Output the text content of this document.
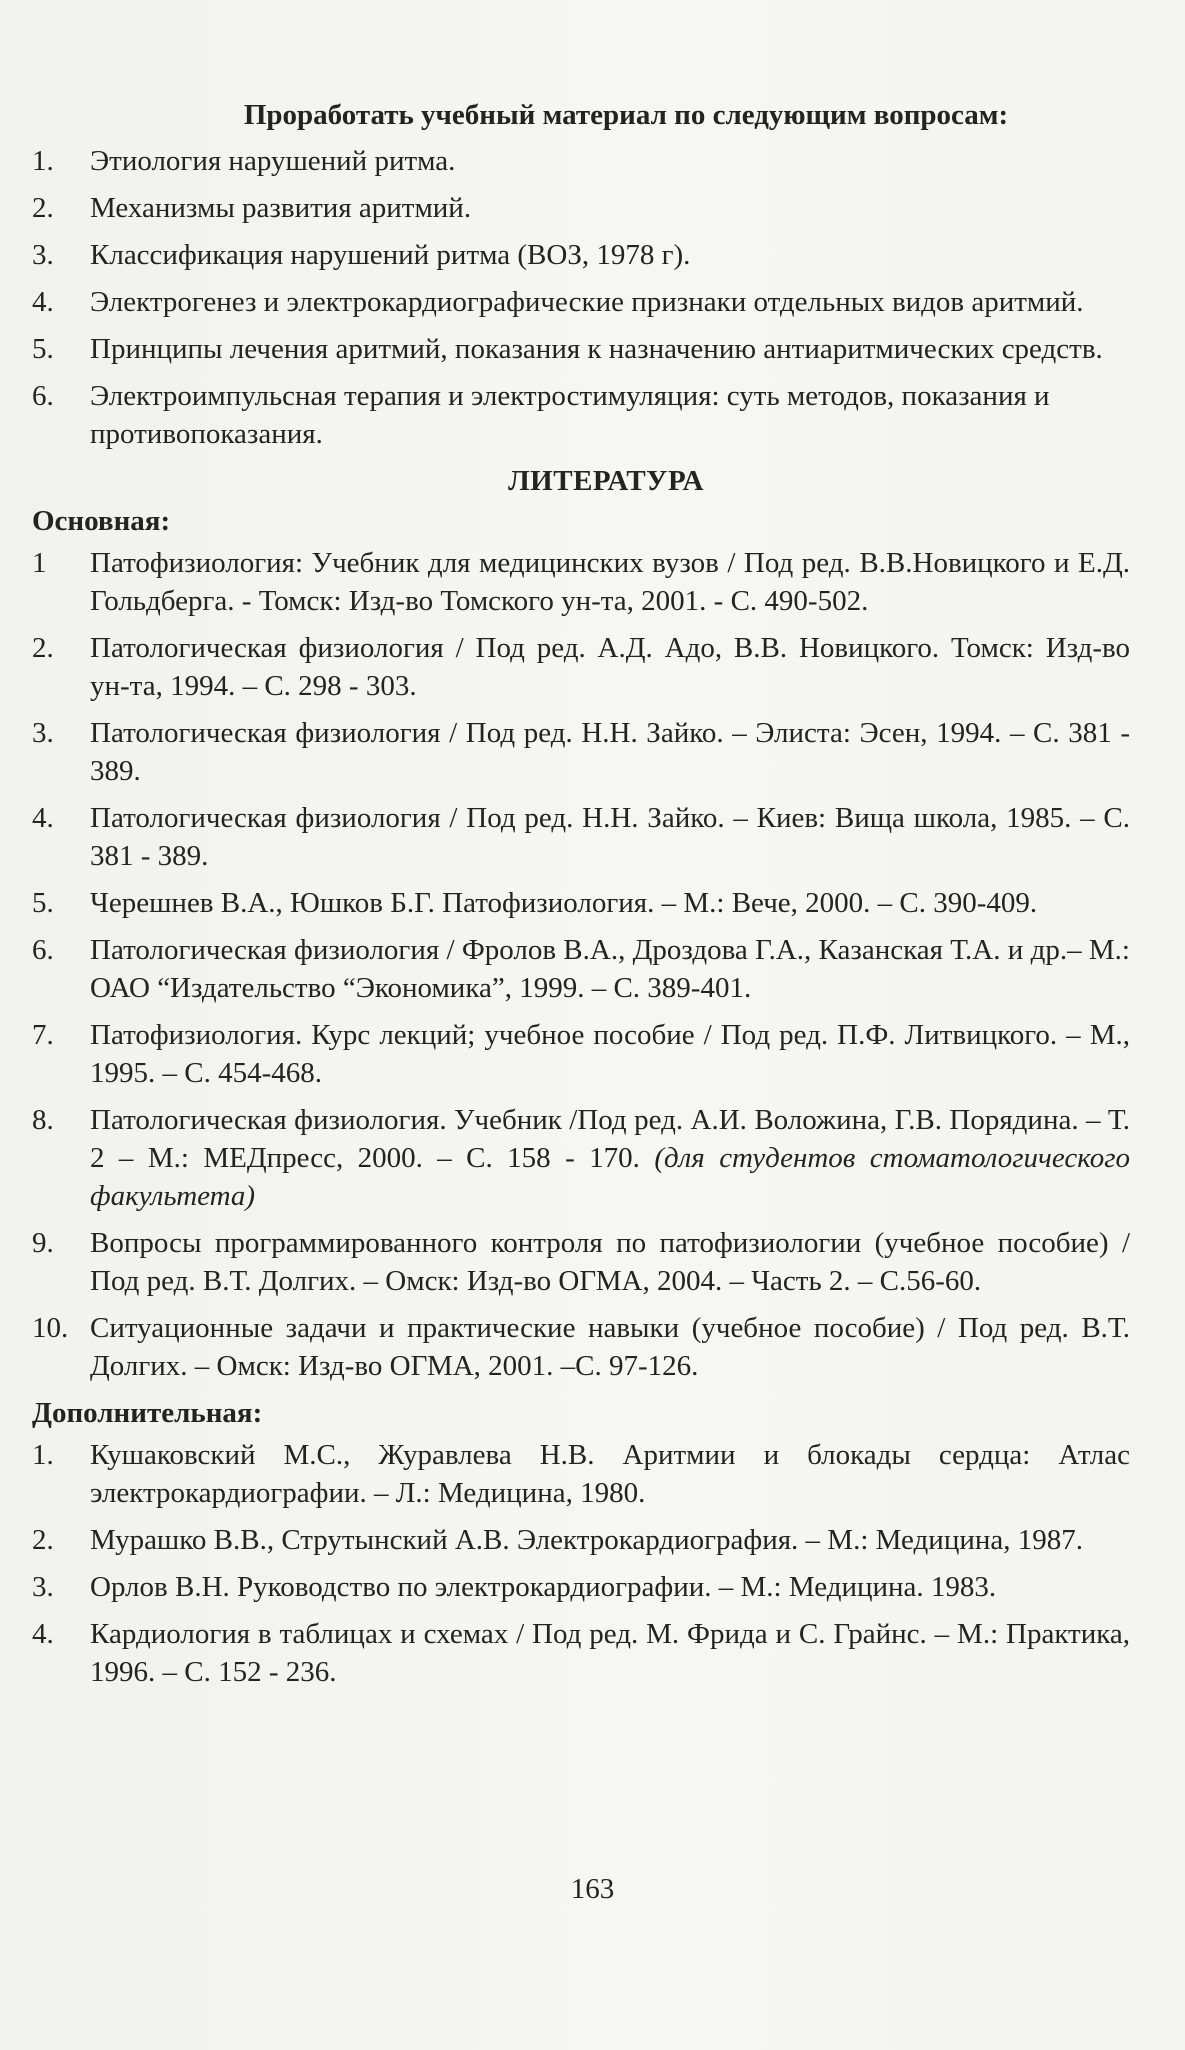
Проработать учебный материал по следующим вопросам:
1.	Этиология нарушений ритма.
2.	Механизмы развития аритмий.
3.	Классификация нарушений ритма (ВОЗ, 1978 г).
4.	Электрогенез и электрокардиографические признаки отдельных видов аритмий.
5.	Принципы лечения аритмий, показания к назначению антиаритмических средств.
6.	Электроимпульсная терапия и электростимуляция: суть методов, показания и противопоказания.
ЛИТЕРАТУРА
Основная:
1	Патофизиология: Учебник для медицинских вузов / Под ред. В.В.Новицкого и Е.Д. Гольдберга. - Томск: Изд-во Томского ун-та, 2001. - С. 490-502.
2.	Патологическая физиология / Под ред. А.Д. Адо, В.В. Новицкого. Томск: Изд-во ун-та, 1994. – С. 298 - 303.
3.	Патологическая физиология / Под ред. Н.Н. Зайко. – Элиста: Эсен, 1994. – С. 381 - 389.
4.	Патологическая физиология / Под ред. Н.Н. Зайко. – Киев: Вища школа, 1985. – С. 381 - 389.
5.	Черешнев В.А., Юшков Б.Г. Патофизиология. – М.: Вече, 2000. – С. 390-409.
6.	Патологическая физиология / Фролов В.А., Дроздова Г.А., Казанская Т.А. и др.– М.: ОАО “Издательство “Экономика”, 1999. – С. 389-401.
7.	Патофизиология. Курс лекций; учебное пособие / Под ред. П.Ф. Литвицкого. – М., 1995. – С. 454-468.
8.	Патологическая физиология. Учебник /Под ред. А.И. Воложина, Г.В. Порядина. – Т. 2 – М.: МЕДпресс, 2000. – С. 158 - 170. (для студентов стоматологического факультета)
9.	Вопросы программированного контроля по патофизиологии (учебное пособие) / Под ред. В.Т. Долгих. – Омск: Изд-во ОГМА, 2004. – Часть 2. – С.56-60.
10. Ситуационные задачи и практические навыки (учебное пособие) / Под ред. В.Т. Долгих. – Омск: Изд-во ОГМА, 2001. –С. 97-126.
Дополнительная:
1.	Кушаковский М.С., Журавлева Н.В. Аритмии и блокады сердца: Атлас электрокардиографии. – Л.: Медицина, 1980.
2.	Мурашко В.В., Струтынский А.В. Электрокардиография. – М.: Медицина, 1987.
3.	Орлов В.Н. Руководство по электрокардиографии. – М.: Медицина. 1983.
4.	Кардиология в таблицах и схемах / Под ред. М. Фрида и С. Грайнс. – М.: Практика, 1996. – С. 152 - 236.
163
